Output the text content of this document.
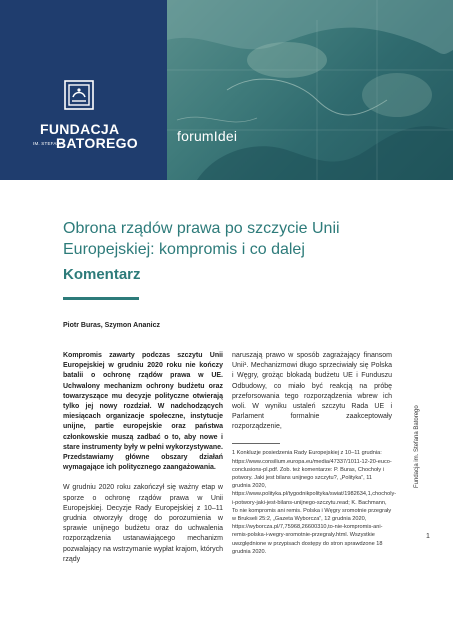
FUNDACJA
IM. STEFANA
BATOREGO	forumIdei
Obrona rządów prawa po szczycie Unii Europejskiej: kompromis i co dalej
Komentarz
Piotr Buras, Szymon Ananicz

Kompromis zawarty podczas szczytu Unii Europejskiej w grudniu 2020 roku nie kończy batalii o ochronę rządów prawa w UE. Uchwalony mechanizm ochrony budżetu oraz towarzyszące mu decyzje polityczne otwierają tylko jej nowy rozdział. W nadchodzących miesiącach organizacje społeczne, instytucje unijne, partie europejskie oraz państwa członkowskie muszą zadbać o to, aby nowe i stare instrumenty były w pełni wykorzystywane. Przedstawiamy główne obszary działań wymagające ich politycznego zaangażowania.

W grudniu 2020 roku zakończył się ważny etap w sporze o ochronę rządów prawa w Unii Europejskiej. Decyzje Rady Europejskiej z 10–11 grudnia otworzyły drogę do porozumienia w sprawie unijnego budżetu oraz do uchwalenia rozporządzenia ustanawiającego mechanizm pozwalający na wstrzymanie wypłat krajom, których rządy

naruszają prawo w sposób zagrażający finansom Unii¹. Mechanizmowi długo sprzeciwiały się Polska i Węgry, grożąc blokadą budżetu UE i Funduszu Odbudowy, co miało być reakcją na próbę przeforsowania tego rozporządzenia wbrew ich woli. W wyniku ustaleń szczytu Rada UE i Parlament formalnie zaakceptowały rozporządzenie,

1 Konkluzje posiedzenia Rady Europejskiej z 10–11 grudnia: https://www.consilium.europa.eu/media/47337/1011-12-20-euco-conclusions-pl.pdf. Zob. też komentarze: P. Buras, Chochoły i potwory. Jaki jest bilans unijnego szczytu?, „Polityka”, 11 grudnia 2020, https://www.polityka.pl/tygodnikpolityka/swiat/1982634,1,chocholy-i-potwory-jaki-jest-bilans-unijnego-szczytu.read; K. Bachmann, To nie kompromis ani remis. Polska i Węgry sromotnie przegrały w Brukseli 25:2, „Gazeta Wyborcza”, 12 grudnia 2020, https://wyborcza.pl/7,75968,26600310,to-nie-kompromis-ani-remis-polska-i-wegry-sromotnie-przegraly.html. Wszystkie uwzględnione w przypisach dostępy do stron sprawdzone 18 grudnia 2020.

Fundacja im. Stefana Batorego
1
